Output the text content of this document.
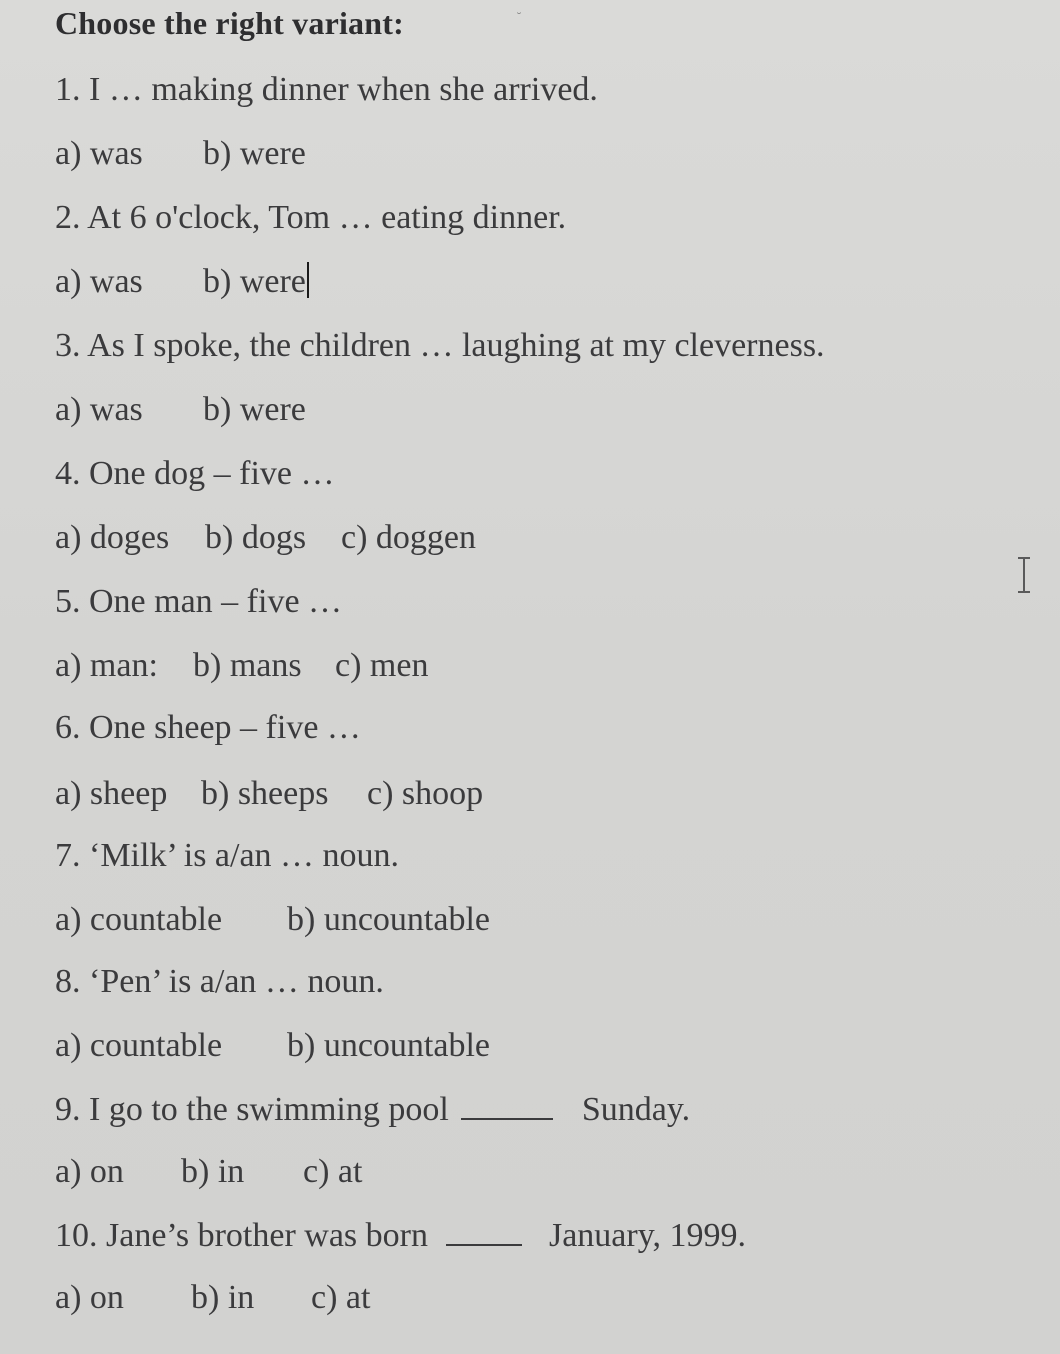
Choose the right variant:	˘
1. I … making dinner when she arrived.
a) was b) were
2. At 6 o'clock, Tom … eating dinner.
a) was b) were
3. As I spoke, the children … laughing at my cleverness.
a) was b) were
4. One dog – five …
a) doges b) dogs c) doggen
5. One man – five …
a) man: b) mans c) men
6. One sheep – five …
a) sheep b) sheeps c) shoop
7. ‘Milk’ is a/an … noun.
a) countable b) uncountable
8. ‘Pen’ is a/an … noun.
a) countable b) uncountable
9. I go to the swimming pool	Sunday.
a) on b) in c) at
10. Jane’s brother was born	January, 1999.
a) on b) in c) at
